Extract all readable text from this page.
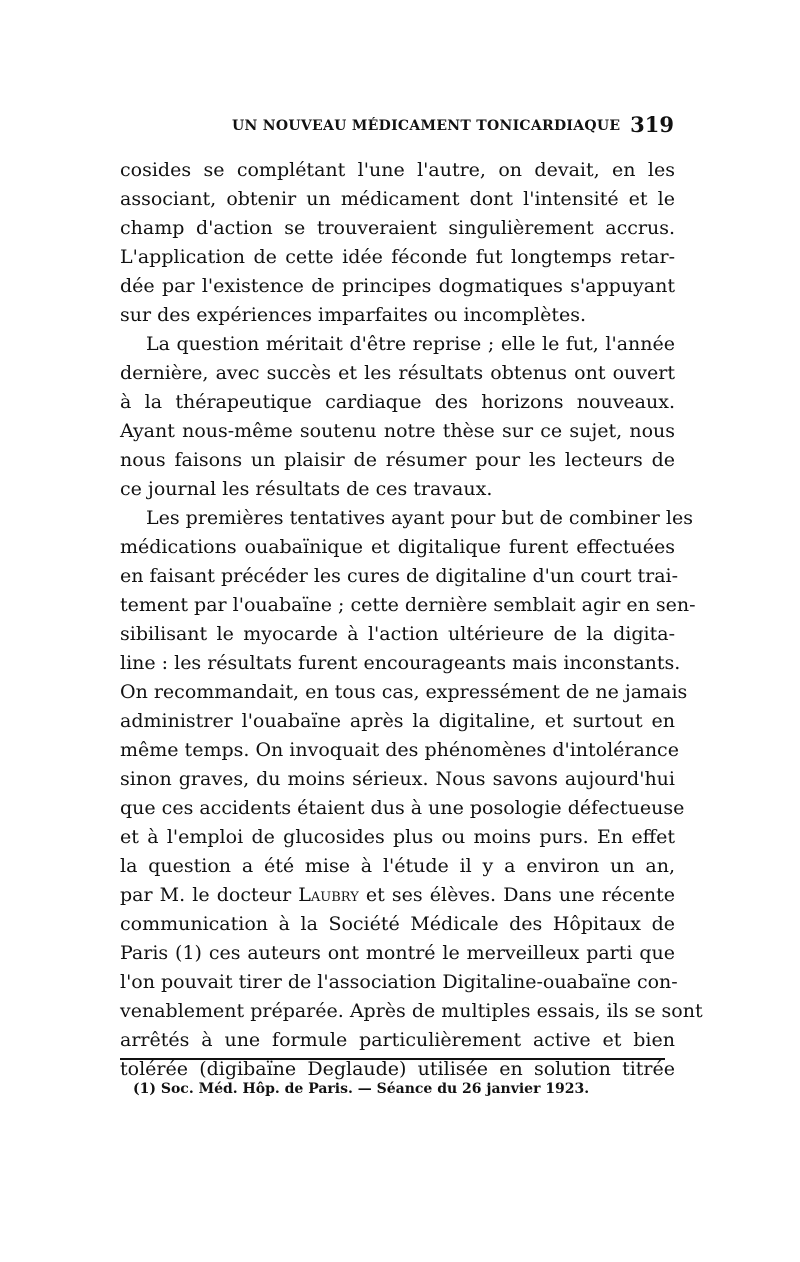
UN NOUVEAU MÉDICAMENT TONICARDIAQUE 319
cosides se complétant l'une l'autre, on devait, en les
associant, obtenir un médicament dont l'intensité et le
champ d'action se trouveraient singulièrement accrus.
L'application de cette idée féconde fut longtemps retar-
dée par l'existence de principes dogmatiques s'appuyant
sur des expériences imparfaites ou incomplètes.
La question méritait d'être reprise ; elle le fut, l'année
dernière, avec succès et les résultats obtenus ont ouvert
à la thérapeutique cardiaque des horizons nouveaux.
Ayant nous-même soutenu notre thèse sur ce sujet, nous
nous faisons un plaisir de résumer pour les lecteurs de
ce journal les résultats de ces travaux.
Les premières tentatives ayant pour but de combiner les
médications ouabaïnique et digitalique furent effectuées
en faisant précéder les cures de digitaline d'un court trai-
tement par l'ouabaïne ; cette dernière semblait agir en sen-
sibilisant le myocarde à l'action ultérieure de la digita-
line : les résultats furent encourageants mais inconstants.
On recommandait, en tous cas, expressément de ne jamais
administrer l'ouabaïne après la digitaline, et surtout en
même temps. On invoquait des phénomènes d'intolérance
sinon graves, du moins sérieux. Nous savons aujourd'hui
que ces accidents étaient dus à une posologie défectueuse
et à l'emploi de glucosides plus ou moins purs. En effet
la question a été mise à l'étude il y a environ un an,
par M. le docteur Laubry et ses élèves. Dans une récente
communication à la Société Médicale des Hôpitaux de
Paris (1) ces auteurs ont montré le merveilleux parti que
l'on pouvait tirer de l'association Digitaline-ouabaïne con-
venablement préparée. Après de multiples essais, ils se sont
arrêtés à une formule particulièrement active et bien
tolérée (digibaïne Deglaude) utilisée en solution titrée
(1) Soc. Méd. Hôp. de Paris. — Séance du 26 janvier 1923.
